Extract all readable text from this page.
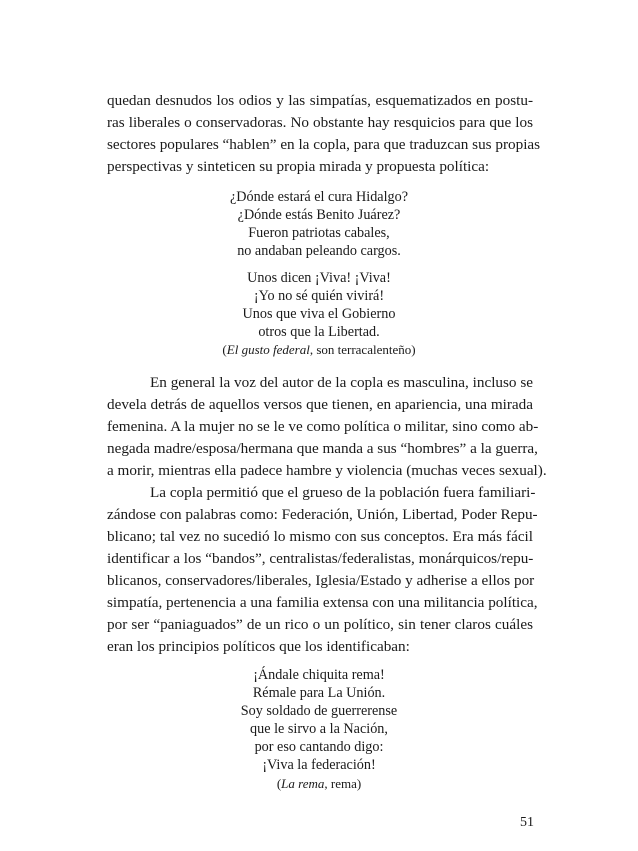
quedan desnudos los odios y las simpatías, esquematizados en postu-
ras liberales o conservadoras. No obstante hay resquicios para que los
sectores populares “hablen” en la copla, para que traduzcan sus propias
perspectivas y sinteticen su propia mirada y propuesta política:
¿Dónde estará el cura Hidalgo?
¿Dónde estás Benito Juárez?
Fueron patriotas cabales,
no andaban peleando cargos.
Unos dicen ¡Viva! ¡Viva!
¡Yo no sé quién vivirá!
Unos que viva el Gobierno
otros que la Libertad.
(El gusto federal, son terracalenteño)
En general la voz del autor de la copla es masculina, incluso se
devela detrás de aquellos versos que tienen, en apariencia, una mirada
femenina. A la mujer no se le ve como política o militar, sino como ab-
negada madre/esposa/hermana que manda a sus “hombres” a la guerra,
a morir, mientras ella padece hambre y violencia (muchas veces sexual).
La copla permitió que el grueso de la población fuera familiari-
zándose con palabras como: Federación, Unión, Libertad, Poder Repu-
blicano; tal vez no sucedió lo mismo con sus conceptos. Era más fácil
identificar a los “bandos”, centralistas/federalistas, monárquicos/repu-
blicanos, conservadores/liberales, Iglesia/Estado y adherise a ellos por
simpatía, pertenencia a una familia extensa con una militancia política,
por ser “paniaguados” de un rico o un político, sin tener claros cuáles
eran los principios políticos que los identificaban:
¡Ándale chiquita rema!
Rémale para La Unión.
Soy soldado de guerrerense
que le sirvo a la Nación,
por eso cantando digo:
¡Viva la federación!
(La rema, rema)
51
